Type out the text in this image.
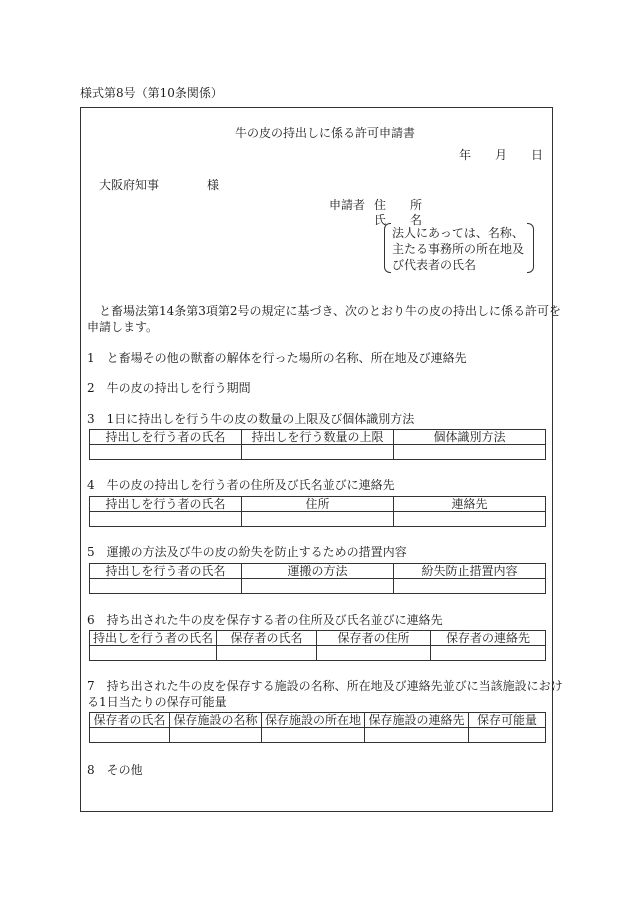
様式第8号（第10条関係）
牛の皮の持出しに係る許可申請書
年　　月　　日
大阪府知事　　　　様
申請者 住　　所
氏　　名
法人にあっては、名称、
主たる事務所の所在地及
び代表者の氏名
と畜場法第14条第3項第2号の規定に基づき、次のとおり牛の皮の持出しに係る許可を
申請します。
1　と畜場その他の獣畜の解体を行った場所の名称、所在地及び連絡先
2　牛の皮の持出しを行う期間
3　1日に持出しを行う牛の皮の数量の上限及び個体識別方法
持出しを行う者の氏名	持出しを行う数量の上限	個体識別方法

4　牛の皮の持出しを行う者の住所及び氏名並びに連絡先
持出しを行う者の氏名	住所	連絡先

5　運搬の方法及び牛の皮の紛失を防止するための措置内容
持出しを行う者の氏名	運搬の方法	紛失防止措置内容

6　持ち出された牛の皮を保存する者の住所及び氏名並びに連絡先
持出しを行う者の氏名	保存者の氏名	保存者の住所	保存者の連絡先

7　持ち出された牛の皮を保存する施設の名称、所在地及び連絡先並びに当該施設におけ
る1日当たりの保存可能量
保存者の氏名	保存施設の名称	保存施設の所在地	保存施設の連絡先	保存可能量

8　その他
